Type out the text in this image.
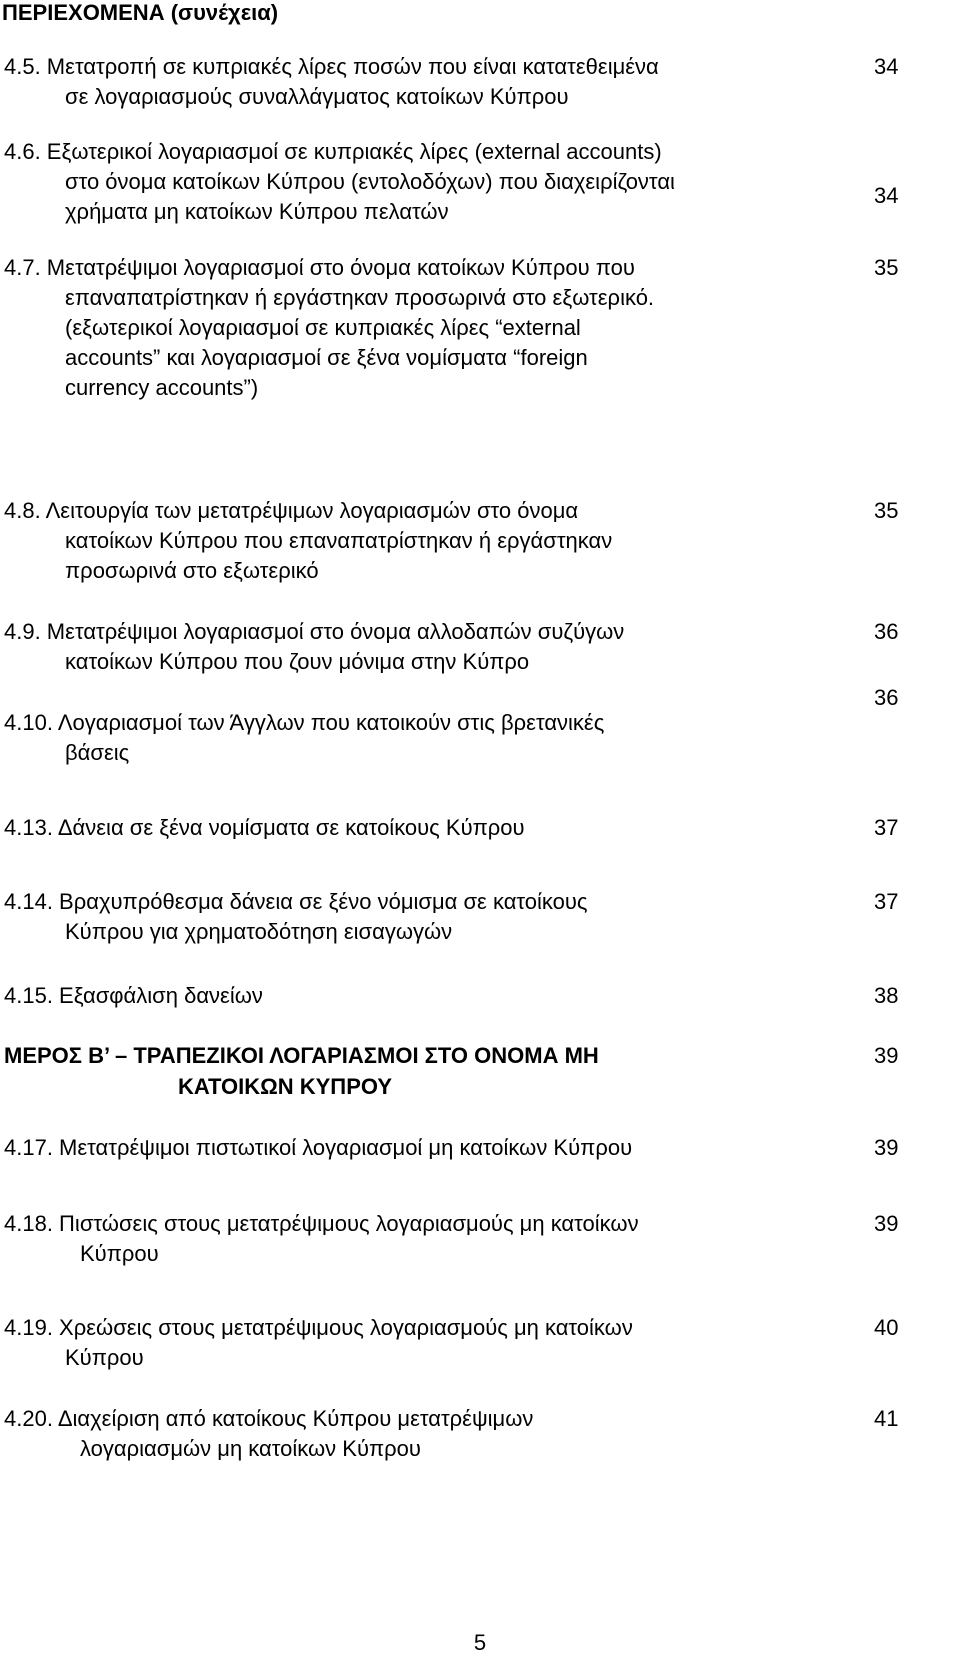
ΠΕΡΙΕΧΟΜΕΝΑ (συνέχεια)
4.5. Μετατροπή σε κυπριακές λίρες ποσών που είναι κατατεθειμένα
σε λογαριασμούς συναλλάγματος κατοίκων Κύπρου
34
4.6. Εξωτερικοί λογαριασμοί σε κυπριακές λίρες (external accounts)
στο όνομα κατοίκων Κύπρου (εντολοδόχων) που διαχειρίζονται
χρήματα μη κατοίκων Κύπρου πελατών
34
4.7. Μετατρέψιμοι λογαριασμοί στο όνομα κατοίκων Κύπρου που
επαναπατρίστηκαν ή εργάστηκαν προσωρινά στο εξωτερικό.
(εξωτερικοί λογαριασμοί σε κυπριακές λίρες “external
accounts” και λογαριασμοί σε ξένα νομίσματα “foreign
currency accounts”)
35
4.8. Λειτουργία των μετατρέψιμων λογαριασμών στο όνομα
κατοίκων Κύπρου που επαναπατρίστηκαν ή εργάστηκαν
προσωρινά στο εξωτερικό
35
4.9. Μετατρέψιμοι λογαριασμοί στο όνομα αλλοδαπών συζύγων
κατοίκων Κύπρου που ζουν μόνιμα στην Κύπρο
36
4.10. Λογαριασμοί των Άγγλων που κατοικούν στις βρετανικές
βάσεις
36
4.13. Δάνεια σε ξένα νομίσματα σε κατοίκους Κύπρου	37
4.14. Βραχυπρόθεσμα δάνεια σε ξένο νόμισμα σε κατοίκους
Κύπρου για χρηματοδότηση εισαγωγών
37
4.15. Εξασφάλιση δανείων	38
ΜΕΡΟΣ Β’ – ΤΡΑΠΕΖΙΚΟΙ ΛΟΓΑΡΙΑΣΜΟΙ ΣΤΟ ΟΝΟΜΑ ΜΗ
ΚΑΤΟΙΚΩΝ ΚΥΠΡΟΥ
39
4.17. Μετατρέψιμοι πιστωτικοί λογαριασμοί μη κατοίκων Κύπρου	39
4.18. Πιστώσεις στους μετατρέψιμους λογαριασμούς μη κατοίκων
Κύπρου
39
4.19. Χρεώσεις στους μετατρέψιμους λογαριασμούς μη κατοίκων
Κύπρου
40
4.20. Διαχείριση από κατοίκους Κύπρου μετατρέψιμων
λογαριασμών μη κατοίκων Κύπρου
41
5
